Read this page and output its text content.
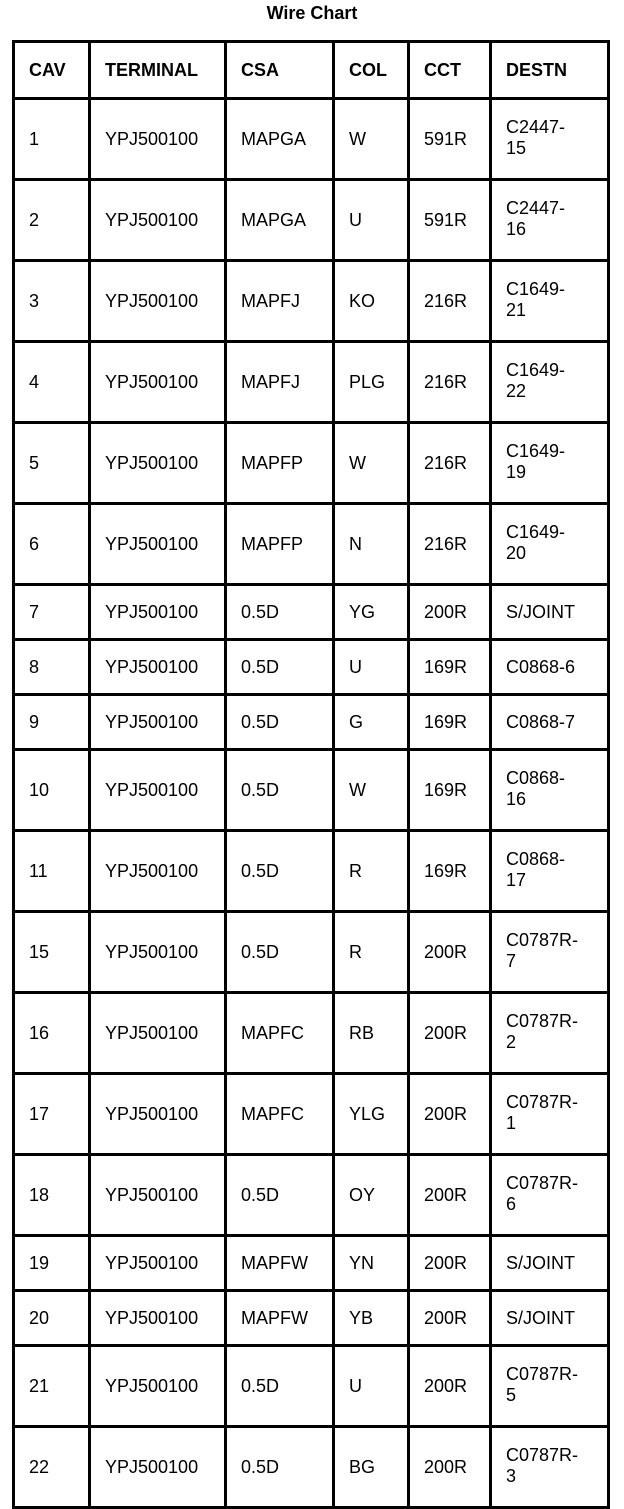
Wire Chart
CAV	TERMINAL	CSA	COL	CCT	DESTN
1	YPJ500100	MAPGA	W	591R	C2447-
15

2	YPJ500100	MAPGA	U	591R	C2447-
16

3	YPJ500100	MAPFJ	KO	216R	C1649-
21

4	YPJ500100	MAPFJ	PLG	216R	C1649-
22

5	YPJ500100	MAPFP	W	216R	C1649-
19

6	YPJ500100	MAPFP	N	216R	C1649-
20

7	YPJ500100	0.5D	YG	200R	S/JOINT

8	YPJ500100	0.5D	U	169R	C0868-6

9	YPJ500100	0.5D	G	169R	C0868-7

10	YPJ500100	0.5D	W	169R	C0868-
16

11	YPJ500100	0.5D	R	169R	C0868-
17

15	YPJ500100	0.5D	R	200R	C0787R-
7

16	YPJ500100	MAPFC	RB	200R	C0787R-
2

17	YPJ500100	MAPFC	YLG	200R	C0787R-
1

18	YPJ500100	0.5D	OY	200R	C0787R-
6

19	YPJ500100	MAPFW	YN	200R	S/JOINT

20	YPJ500100	MAPFW	YB	200R	S/JOINT

21	YPJ500100	0.5D	U	200R	C0787R-
5

22	YPJ500100	0.5D	BG	200R	C0787R-
3
